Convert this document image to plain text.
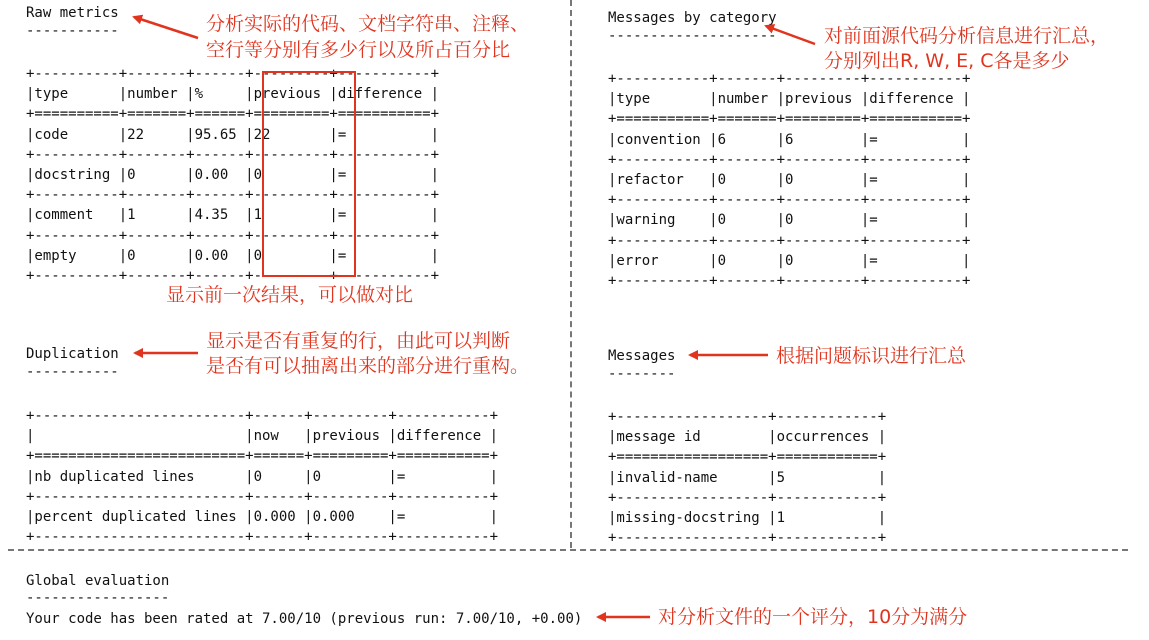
Raw metrics
-----------
+----------+-------+------+---------+-----------+
|type      |number |%     |previous |difference |
+==========+=======+======+=========+===========+
|code      |22     |95.65 |22       |=          |
+----------+-------+------+---------+-----------+
|docstring |0      |0.00  |0        |=          |
+----------+-------+------+---------+-----------+
|comment   |1      |4.35  |1        |=          |
+----------+-------+------+---------+-----------+
|empty     |0      |0.00  |0        |=          |
+----------+-------+------+---------+-----------+
Messages by category
--------------------
+-----------+-------+---------+-----------+
|type       |number |previous |difference |
+===========+=======+=========+===========+
|convention |6      |6        |=          |
+-----------+-------+---------+-----------+
|refactor   |0      |0        |=          |
+-----------+-------+---------+-----------+
|warning    |0      |0        |=          |
+-----------+-------+---------+-----------+
|error      |0      |0        |=          |
+-----------+-------+---------+-----------+
Duplication
-----------
+-------------------------+------+---------+-----------+
|                         |now   |previous |difference |
+=========================+======+=========+===========+
|nb duplicated lines      |0     |0        |=          |
+-------------------------+------+---------+-----------+
|percent duplicated lines |0.000 |0.000    |=          |
+-------------------------+------+---------+-----------+
Messages
--------
+------------------+------------+
|message id        |occurrences |
+==================+============+
|invalid-name      |5           |
+------------------+------------+
|missing-docstring |1           |
+------------------+------------+
Global evaluation
-----------------
Your code has been rated at 7.00/10 (previous run: 7.00/10, +0.00)
分析实际的代码、文档字符串、注释、
空行等分别有多少行以及所占百分比
显示前一次结果，可以做对比
对前面源代码分析信息进行汇总，
分别列出R, W, E, C各是多少
显示是否有重复的行，由此可以判断
是否有可以抽离出来的部分进行重构。	根据问题标识进行汇总
对分析文件的一个评分，10分为满分
